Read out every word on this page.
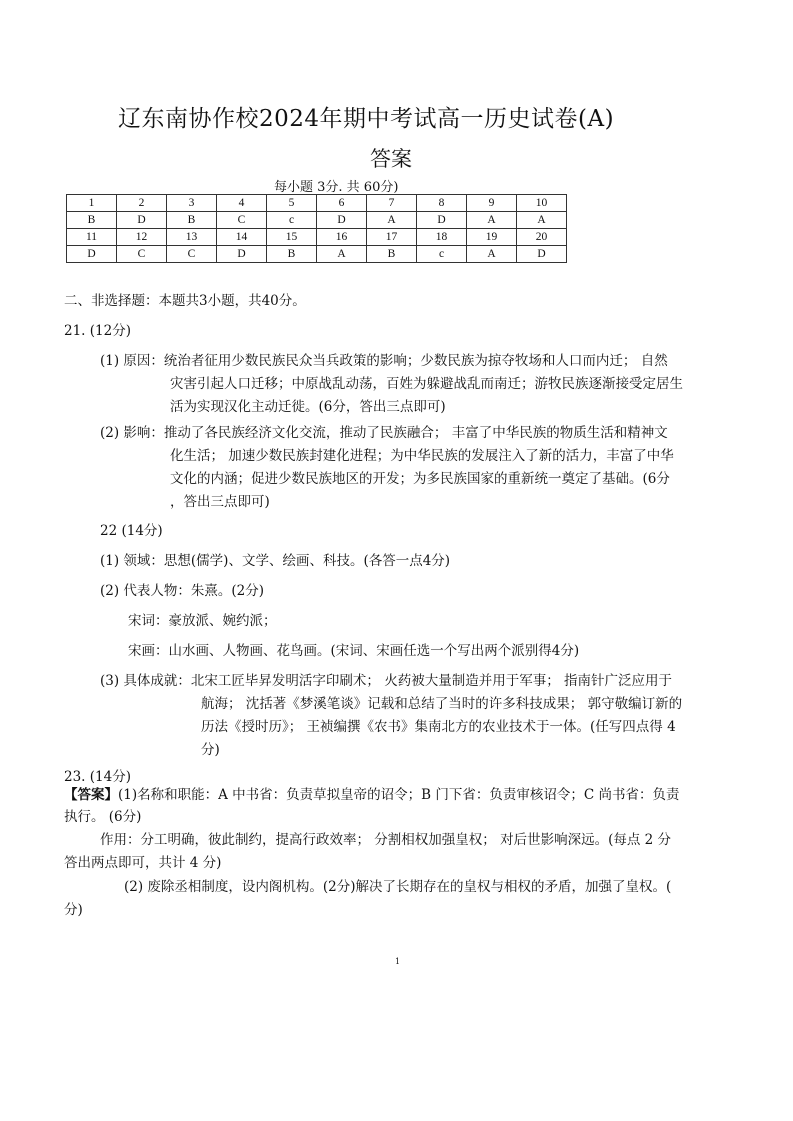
辽东南协作校2024年期中考试高一历史试卷(A)
答案
每小题 3分. 共 60分)
1	2	3	4	5	6	7	8	9	10
B	D	B	C	c	D	A	D	A	A
11	12	13	14	15	16	17	18	19	20
D	C	C	D	B	A	B	c	A	D
二、非选择题：本题共3小题，共40分。
21. (12分)
(1) 原因：统治者征用少数民族民众当兵政策的影响；少数民族为掠夺牧场和人口而内迁； 自然
灾害引起人口迁移；中原战乱动荡，百姓为躲避战乱而南迁；游牧民族逐渐接受定居生
活为实现汉化主动迁徙。(6分，答出三点即可)
(2) 影响：推动了各民族经济文化交流，推动了民族融合； 丰富了中华民族的物质生活和精神文
化生活； 加速少数民族封建化进程；为中华民族的发展注入了新的活力，丰富了中华
文化的内涵；促进少数民族地区的开发；为多民族国家的重新统一奠定了基础。(6分
，答出三点即可)
22 (14分)
(1) 领域：思想(儒学)、文学、绘画、科技。(各答一点4分)
(2) 代表人物：朱熹。(2分)
宋词：豪放派、婉约派；
宋画：山水画、人物画、花鸟画。(宋词、宋画任选一个写出两个派别得4分)
(3) 具体成就：北宋工匠毕昇发明活字印刷术； 火药被大量制造并用于军事； 指南针广泛应用于
航海； 沈括著《梦溪笔谈》记载和总结了当时的许多科技成果； 郭守敬编订新的
历法《授时历》； 王祯编撰《农书》集南北方的农业技术于一体。(任写四点得 4
分)
23. (14分)
【答案】(1)名称和职能：A 中书省：负责草拟皇帝的诏令；B 门下省：负责审核诏令；C 尚书省：负责
执行。 (6分)
作用：分工明确，彼此制约，提高行政效率； 分割相权加强皇权； 对后世影响深远。(每点 2 分
答出两点即可，共计 4 分)
(2) 废除丞相制度，设内阁机构。(2分)解决了长期存在的皇权与相权的矛盾，加强了皇权。(
分)
1
